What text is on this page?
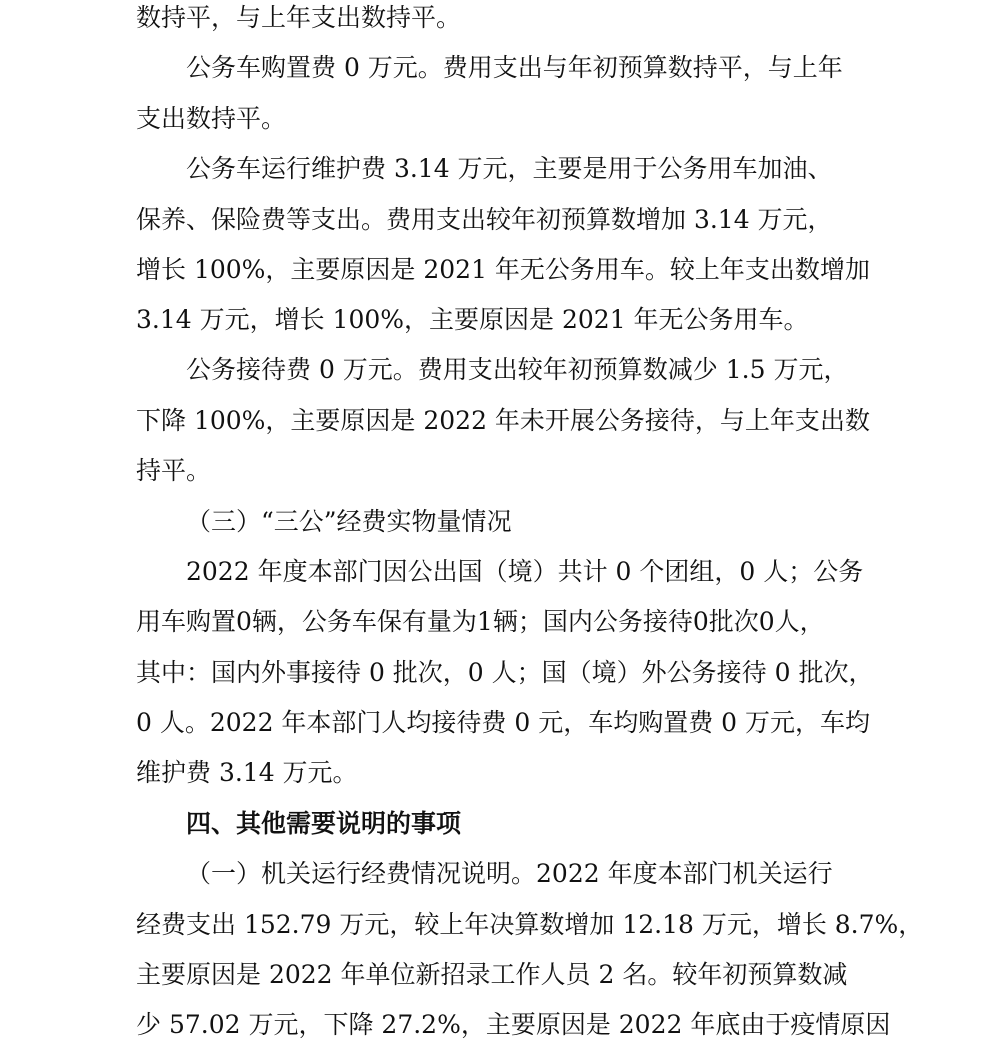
数持平，与上年支出数持平。
公务车购置费 0 万元。费用支出与年初预算数持平，与上年
支出数持平。
公务车运行维护费 3.14 万元，主要是用于公务用车加油、
保养、保险费等支出。费用支出较年初预算数增加 3.14 万元，
增长 100%，主要原因是 2021 年无公务用车。较上年支出数增加
3.14 万元，增长 100%，主要原因是 2021 年无公务用车。
公务接待费 0 万元。费用支出较年初预算数减少 1.5 万元，
下降 100%，主要原因是 2022 年未开展公务接待，与上年支出数
持平。
（三）“三公”经费实物量情况
2022 年度本部门因公出国（境）共计 0 个团组，0 人；公务
用车购置0辆，公务车保有量为1辆；国内公务接待0批次0人，
其中：国内外事接待 0 批次，0 人；国（境）外公务接待 0 批次，
0 人。2022 年本部门人均接待费 0 元，车均购置费 0 万元，车均
维护费 3.14 万元。
四、其他需要说明的事项
（一）机关运行经费情况说明。2022 年度本部门机关运行
经费支出 152.79 万元，较上年决算数增加 12.18 万元，增长 8.7%，
主要原因是 2022 年单位新招录工作人员 2 名。较年初预算数减
少 57.02 万元，下降 27.2%，主要原因是 2022 年底由于疫情原因
